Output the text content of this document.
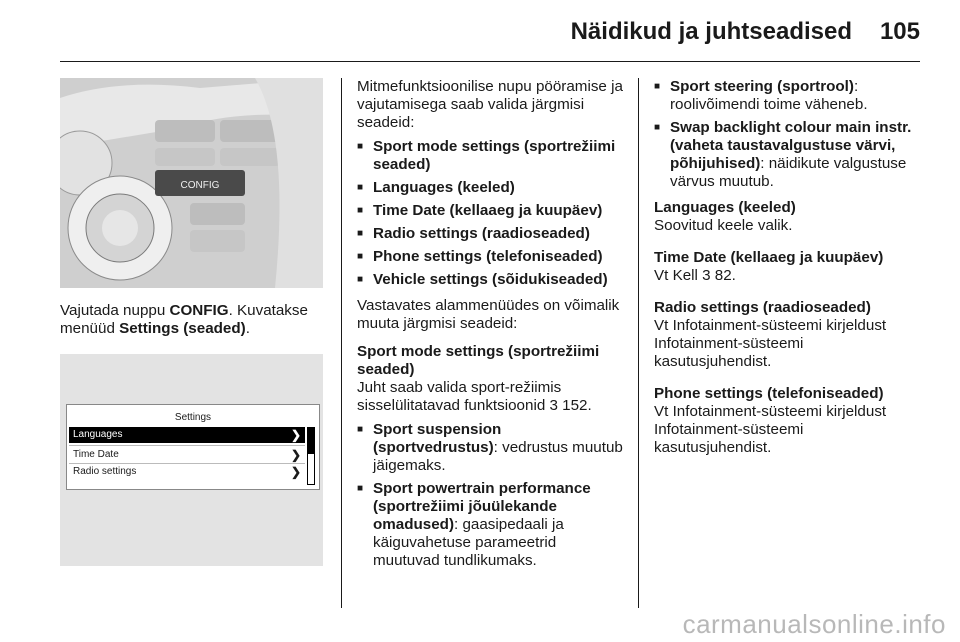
Näidikud ja juhtseadised 105
CONFIG

Vajutada nuppu CONFIG. Kuvatakse menüüd Settings (seaded).

Settings
Languages	❯
Time Date	❯
Radio settings	❯

Mitmefunktsioonilise nupu pööramise ja vajutamisega saab valida järgmisi seadeid:

■ Sport mode settings (sportrežiimi seaded)
■ Languages (keeled)
■ Time Date (kellaaeg ja kuupäev)
■ Radio settings (raadioseaded)
■ Phone settings (telefoniseaded)
■ Vehicle settings (sõidukiseaded)

Vastavates alammenüüdes on võimalik muuta järgmisi seadeid:

Sport mode settings (sportrežiimi seaded)

Juht saab valida sport-režiimis sisselülitatavad funktsioonid 3 152.

■ Sport suspension (sportvedrustus): vedrustus muutub jäigemaks.
■ Sport powertrain performance (sportrežiimi jõuülekande omadused): gaasipedaali ja käiguvahetuse parameetrid muutuvad tundlikumaks.
■ Sport steering (sportrool): roolivõimendi toime väheneb.
■ Swap backlight colour main instr. (vaheta taustavalgustuse värvi, põhijuhised): näidikute valgustuse värvus muutub.

Languages (keeled)

Soovitud keele valik.

Time Date (kellaaeg ja kuupäev)

Vt Kell 3 82.

Radio settings (raadioseaded)

Vt Infotainment-süsteemi kirjeldust Infotainment-süsteemi kasutusjuhendist.

Phone settings (telefoniseaded)

Vt Infotainment-süsteemi kirjeldust Infotainment-süsteemi kasutusjuhendist.

carmanualsonline.info
